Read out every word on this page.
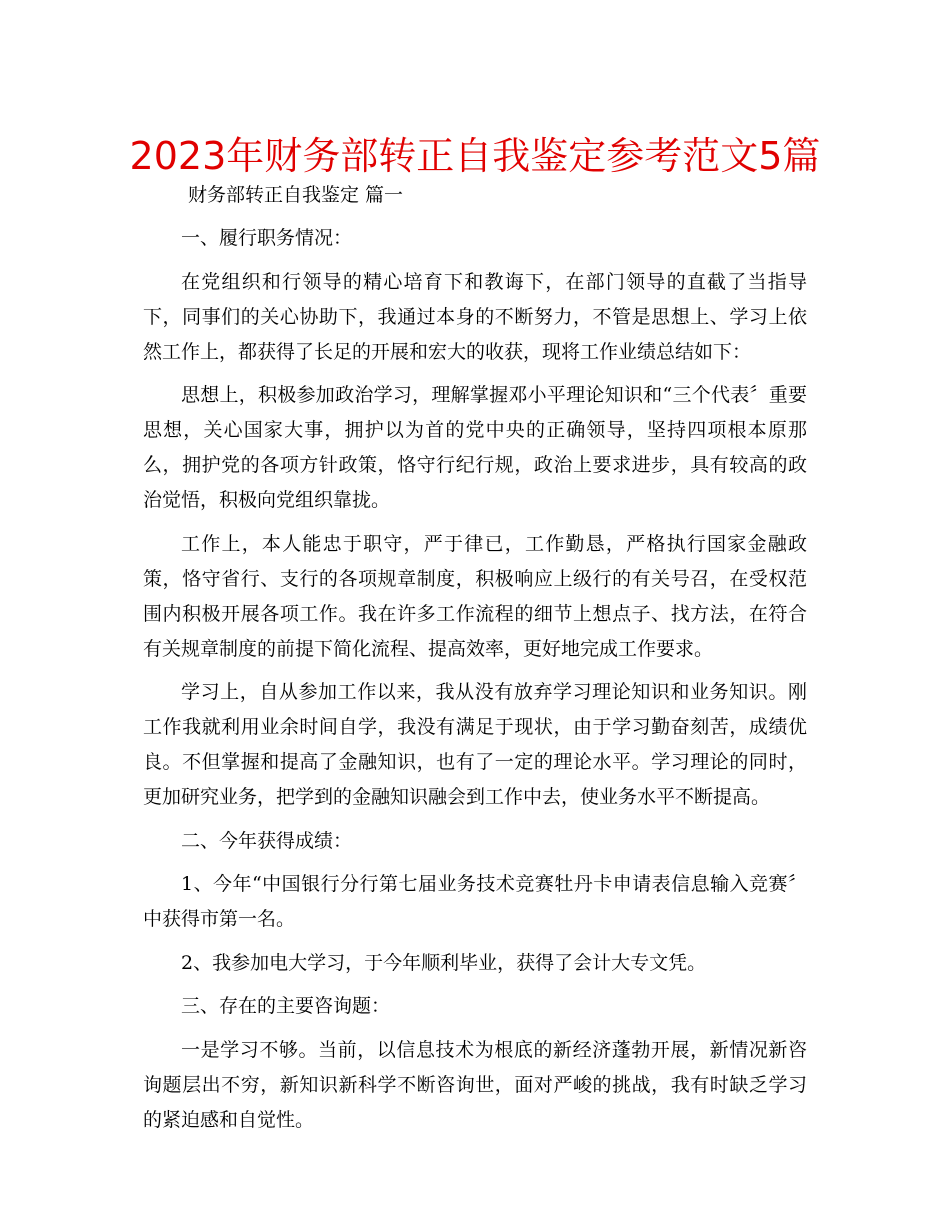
2023年财务部转正自我鉴定参考范文5篇

财务部转正自我鉴定 篇一

一、履行职务情况：

在党组织和行领导的精心培育下和教诲下，在部门领导的直截了当指导下，同事们的关心协助下，我通过本身的不断努力，不管是思想上、学习上依然工作上，都获得了长足的开展和宏大的收获，现将工作业绩总结如下：

思想上，积极参加政治学习，理解掌握邓小平理论知识和“三个代表〞重要思想，关心国家大事，拥护以为首的党中央的正确领导，坚持四项根本原那么，拥护党的各项方针政策，恪守行纪行规，政治上要求进步，具有较高的政治觉悟，积极向党组织靠拢。

工作上，本人能忠于职守，严于律已，工作勤恳，严格执行国家金融政策，恪守省行、支行的各项规章制度，积极响应上级行的有关号召，在受权范围内积极开展各项工作。我在许多工作流程的细节上想点子、找方法，在符合有关规章制度的前提下简化流程、提高效率，更好地完成工作要求。

学习上，自从参加工作以来，我从没有放弃学习理论知识和业务知识。刚工作我就利用业余时间自学，我没有满足于现状，由于学习勤奋刻苦，成绩优良。不但掌握和提高了金融知识，也有了一定的理论水平。学习理论的同时，更加研究业务，把学到的金融知识融会到工作中去，使业务水平不断提高。

二、今年获得成绩：

1、今年“中国银行分行第七届业务技术竞赛牡丹卡申请表信息输入竞赛〞中获得市第一名。

2、我参加电大学习，于今年顺利毕业，获得了会计大专文凭。

三、存在的主要咨询题：

一是学习不够。当前，以信息技术为根底的新经济蓬勃开展，新情况新咨询题层出不穷，新知识新科学不断咨询世，面对严峻的挑战，我有时缺乏学习的紧迫感和自觉性。
